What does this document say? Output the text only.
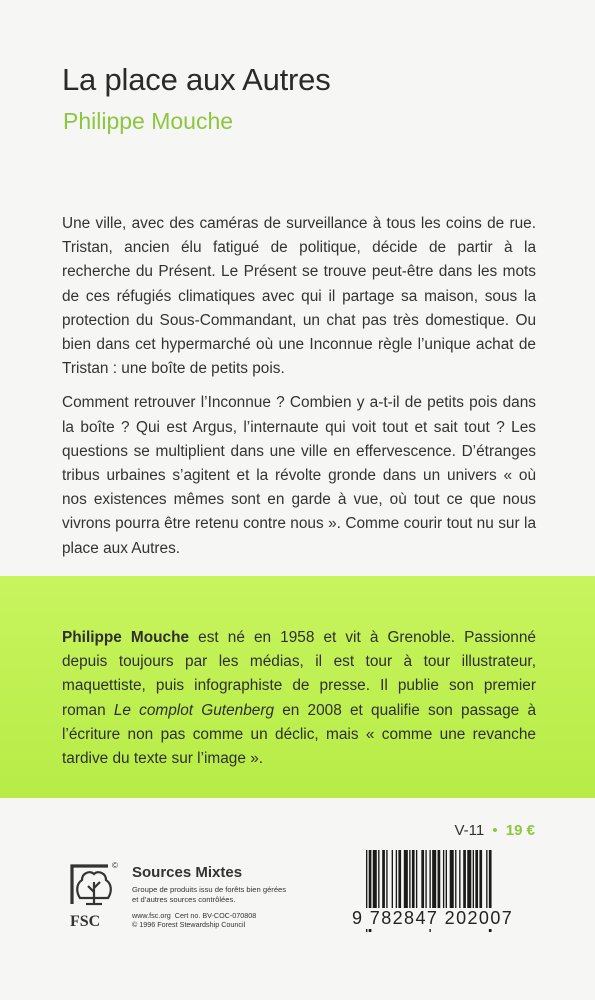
La place aux Autres
Philippe Mouche

Une ville, avec des caméras de surveillance à tous les coins de rue. Tristan, ancien élu fatigué de politique, décide de partir à la recherche du Présent. Le Présent se trouve peut-être dans les mots de ces réfugiés climatiques avec qui il partage sa maison, sous la protection du Sous-Commandant, un chat pas très domestique. Ou bien dans cet hypermarché où une Inconnue règle l’unique achat de Tristan : une boîte de petits pois.

Comment retrouver l’Inconnue ? Combien y a-t-il de petits pois dans la boîte ? Qui est Argus, l’internaute qui voit tout et sait tout ? Les questions se multiplient dans une ville en effervescence. D’étranges tribus urbaines s’agitent et la révolte gronde dans un univers « où nos existences mêmes sont en garde à vue, où tout ce que nous vivrons pourra être retenu contre nous ». Comme courir tout nu sur la place aux Autres.

Philippe Mouche est né en 1958 et vit à Grenoble. Passionné depuis toujours par les médias, il est tour à tour illustrateur, maquettiste, puis infographiste de presse. Il publie son premier roman Le complot Gutenberg en 2008 et qualifie son passage à l’écriture non pas comme un déclic, mais « comme une revanche tardive du texte sur l’image ».

V-11 • 19 €
©
FSC
Sources Mixtes
Groupe de produits issu de forêts bien gérées et d’autres sources contrôlées.
www.fsc.org Cert no. BV-COC-070808
© 1996 Forest Stewardship Council	9 782847 202007
